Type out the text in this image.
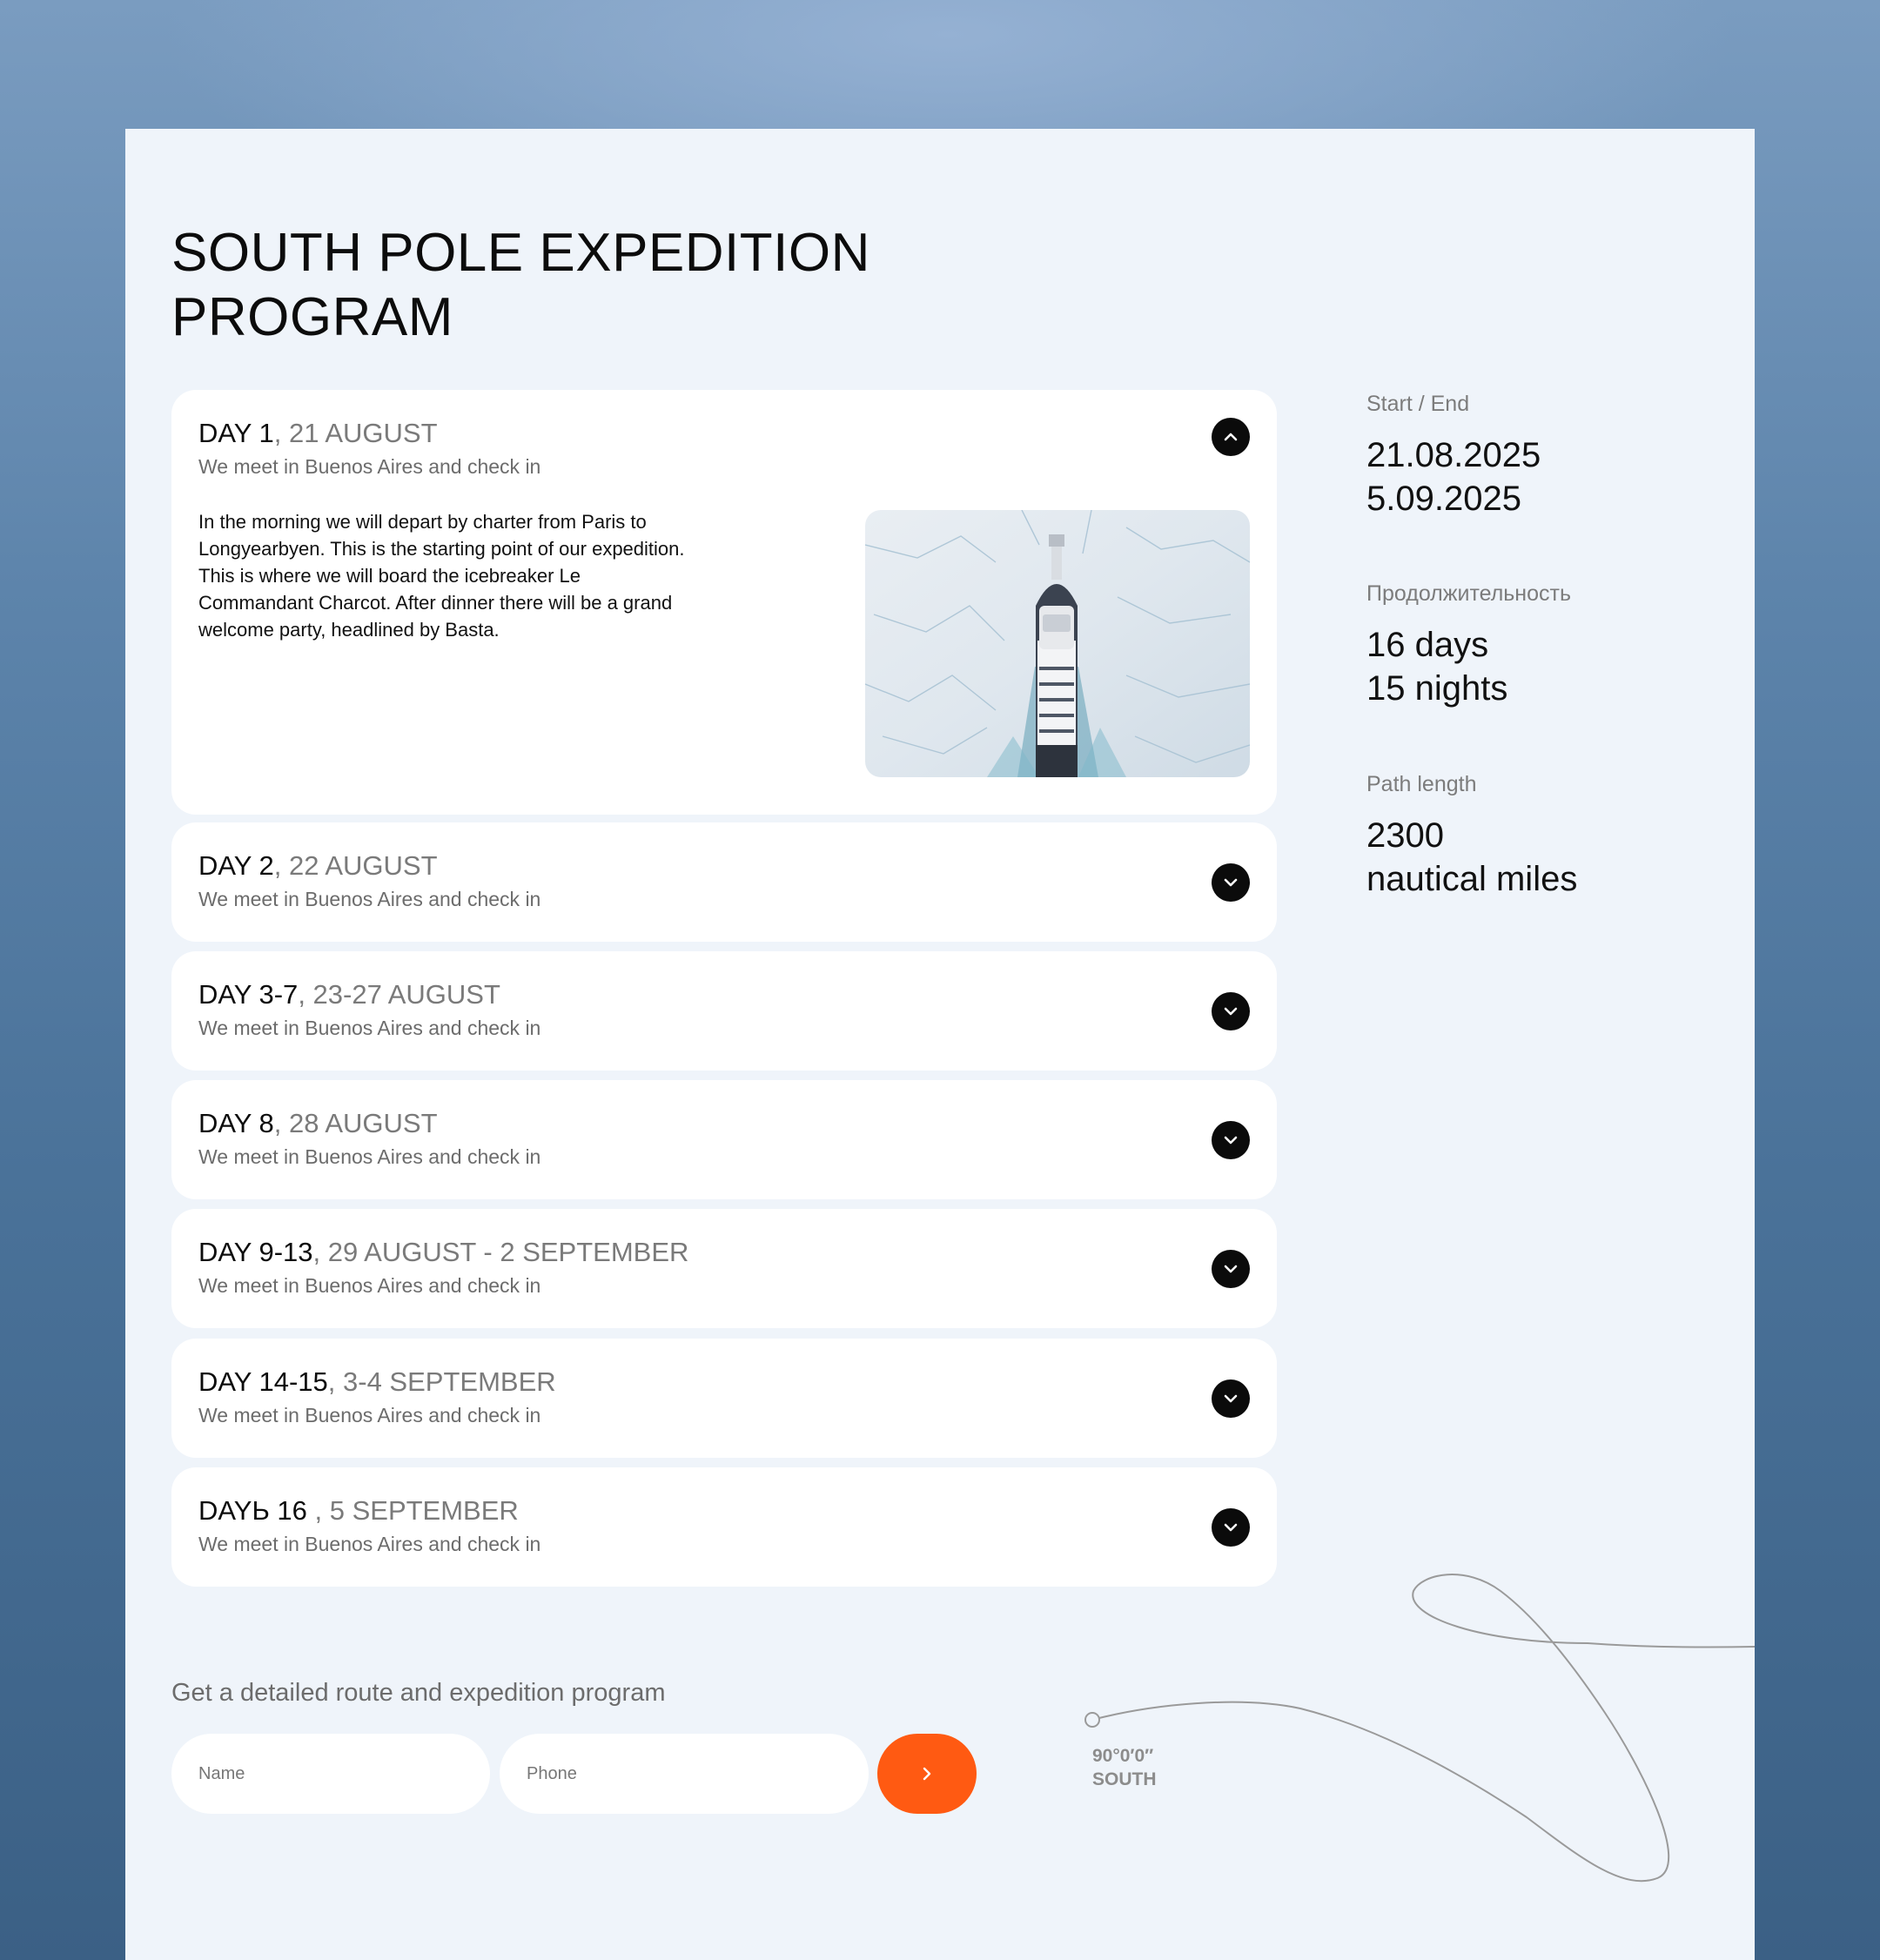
SOUTH POLE EXPEDITION
PROGRAM
DAY 1, 21 AUGUST
We meet in Buenos Aires and check in
In the morning we will depart by charter from Paris to Longyearbyen. This is the starting point of our expedition. This is where we will board the icebreaker Le Commandant Charcot. After dinner there will be a grand welcome party, headlined by Basta.
DAY 2, 22 AUGUST
We meet in Buenos Aires and check in
DAY 3-7, 23-27 AUGUST
We meet in Buenos Aires and check in
DAY 8, 28 AUGUST
We meet in Buenos Aires and check in
DAY 9-13, 29 AUGUST - 2 SEPTEMBER
We meet in Buenos Aires and check in
DAY 14-15, 3-4 SEPTEMBER
We meet in Buenos Aires and check in
DAYЬ 16 , 5 SEPTEMBER
We meet in Buenos Aires and check in
Start / End
21.08.2025
5.09.2025
Продолжительность
16 days
15 nights
Path length
2300
nautical miles
90°0′0″
SOUTH
Get a detailed route and expedition program
Name
Phone
